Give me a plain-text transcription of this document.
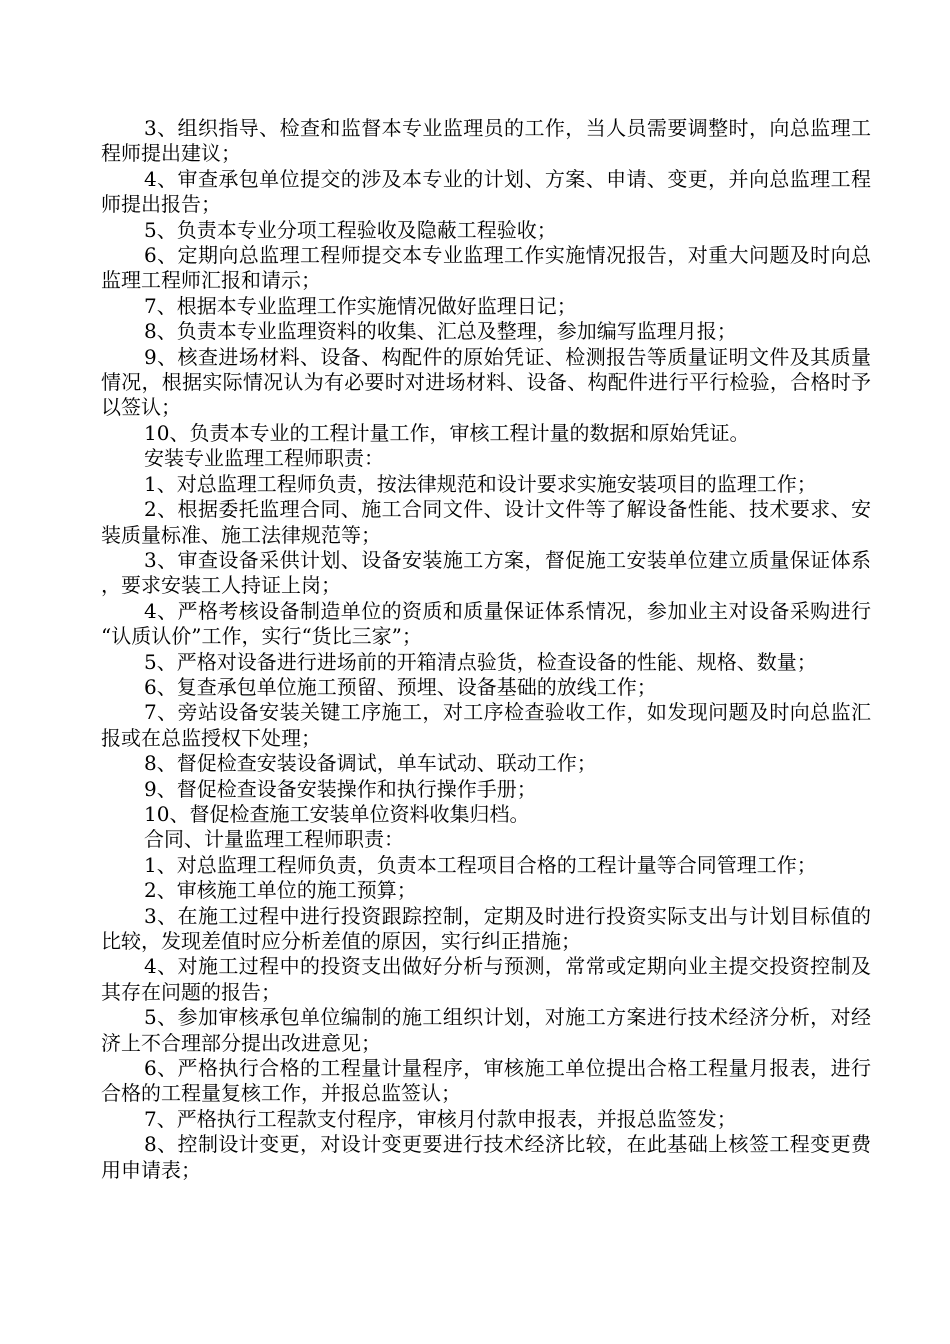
3、组织指导、检查和监督本专业监理员的工作，当人员需要调整时，向总监理工程师提出建议；

4、审查承包单位提交的涉及本专业的计划、方案、申请、变更，并向总监理工程师提出报告；

5、负责本专业分项工程验收及隐蔽工程验收；

6、定期向总监理工程师提交本专业监理工作实施情况报告，对重大问题及时向总监理工程师汇报和请示；

7、根据本专业监理工作实施情况做好监理日记；

8、负责本专业监理资料的收集、汇总及整理，参加编写监理月报；

9、核查进场材料、设备、构配件的原始凭证、检测报告等质量证明文件及其质量情况，根据实际情况认为有必要时对进场材料、设备、构配件进行平行检验，合格时予以签认；

10、负责本专业的工程计量工作，审核工程计量的数据和原始凭证。

安装专业监理工程师职责：

1、对总监理工程师负责，按法律规范和设计要求实施安装项目的监理工作；

2、根据委托监理合同、施工合同文件、设计文件等了解设备性能、技术要求、安装质量标准、施工法律规范等；

3、审查设备采供计划、设备安装施工方案，督促施工安装单位建立质量保证体系 ，要求安装工人持证上岗；

4、严格考核设备制造单位的资质和质量保证体系情况，参加业主对设备采购进行 “认质认价”工作，实行“货比三家”；

5、严格对设备进行进场前的开箱清点验货，检查设备的性能、规格、数量；

6、复查承包单位施工预留、预埋、设备基础的放线工作；

7、旁站设备安装关键工序施工，对工序检查验收工作，如发现问题及时向总监汇报或在总监授权下处理；

8、督促检查安装设备调试，单车试动、联动工作；

9、督促检查设备安装操作和执行操作手册；

10、督促检查施工安装单位资料收集归档。

合同、计量监理工程师职责：

1、对总监理工程师负责，负责本工程项目合格的工程计量等合同管理工作；

2、审核施工单位的施工预算；

3、在施工过程中进行投资跟踪控制，定期及时进行投资实际支出与计划目标值的比较，发现差值时应分析差值的原因，实行纠正措施；

4、对施工过程中的投资支出做好分析与预测，常常或定期向业主提交投资控制及其存在问题的报告；

5、参加审核承包单位编制的施工组织计划，对施工方案进行技术经济分析，对经济上不合理部分提出改进意见；

6、严格执行合格的工程量计量程序，审核施工单位提出合格工程量月报表，进行合格的工程量复核工作，并报总监签认；

7、严格执行工程款支付程序，审核月付款申报表，并报总监签发；

8、控制设计变更，对设计变更要进行技术经济比较，在此基础上核签工程变更费用申请表；
